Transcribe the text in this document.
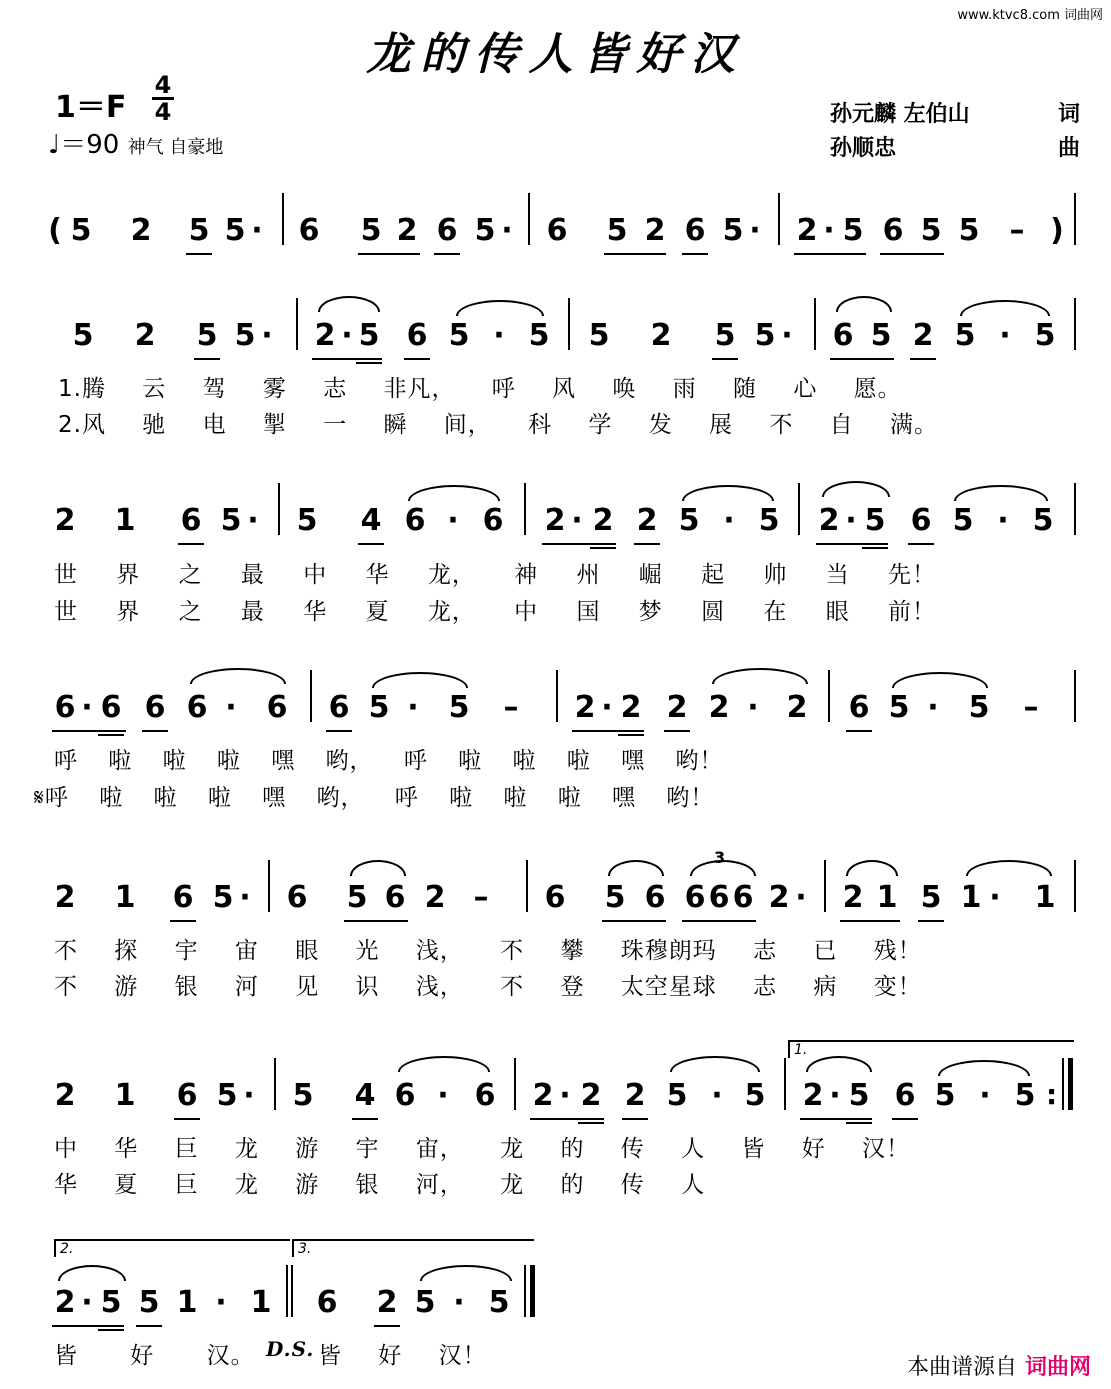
www.ktvc8.com 词曲网
龙的传人皆好汉
1＝F
4
4
♩＝90 神气 自豪地
孙元麟 左伯山	词
孙顺忠	曲
( 5 2 5 5 · 6 5 2 6 5 · 6 5 2 6 5 · 2 · 5 6 5 5 – )
5 2 5 5 · 2 · 5 6 5 · 5 5 2 5 5 · 6 5 2 5 · 5
1.腾 云 驾 雾 志 非凡， 呼 风 唤 雨 随 心 愿。
2.风 驰 电 掣 一 瞬 间， 科 学 发 展 不 自 满。
2 1 6 5 · 5 4 6 · 6 2 · 2 2 5 · 5 2 · 5 6 5 · 5
世 界 之 最 中 华 龙， 神 州 崛 起 帅 当 先！
世 界 之 最 华 夏 龙， 中 国 梦 圆 在 眼 前！
6 · 6 6 6 · 6 6 5 · 5 – 2 · 2 2 2 · 2 6 5 · 5 –
呼 啦 啦 啦 嘿 哟， 呼 啦 啦 啦 嘿 哟！
𝄋呼 啦 啦 啦 嘿 哟， 呼 啦 啦 啦 嘿 哟！
2 1 6 5 · 6 5 6 2 – 6 5 6 6 6 6 2 · 2 1 5 1 · 1
3
不 探 宇 宙 眼 光 浅， 不 攀 珠穆朗玛 志 已 残！
不 游 银 河 见 识 浅， 不 登 太空星球 志 病 变！
2 1 6 5 · 5 4 6 · 6 2 · 2 2 5 · 5 2 · 5 6 5 · 5 :
1.
中 华 巨 龙 游 宇 宙， 龙 的 传 人 皆 好 汉！
华 夏 巨 龙 游 银 河， 龙 的 传 人
2.	3.
2 · 5 5 1 · 1 6 2 5 · 5
皆 好 汉。 D.S. 皆 好 汉！	本曲谱源自 词曲网
